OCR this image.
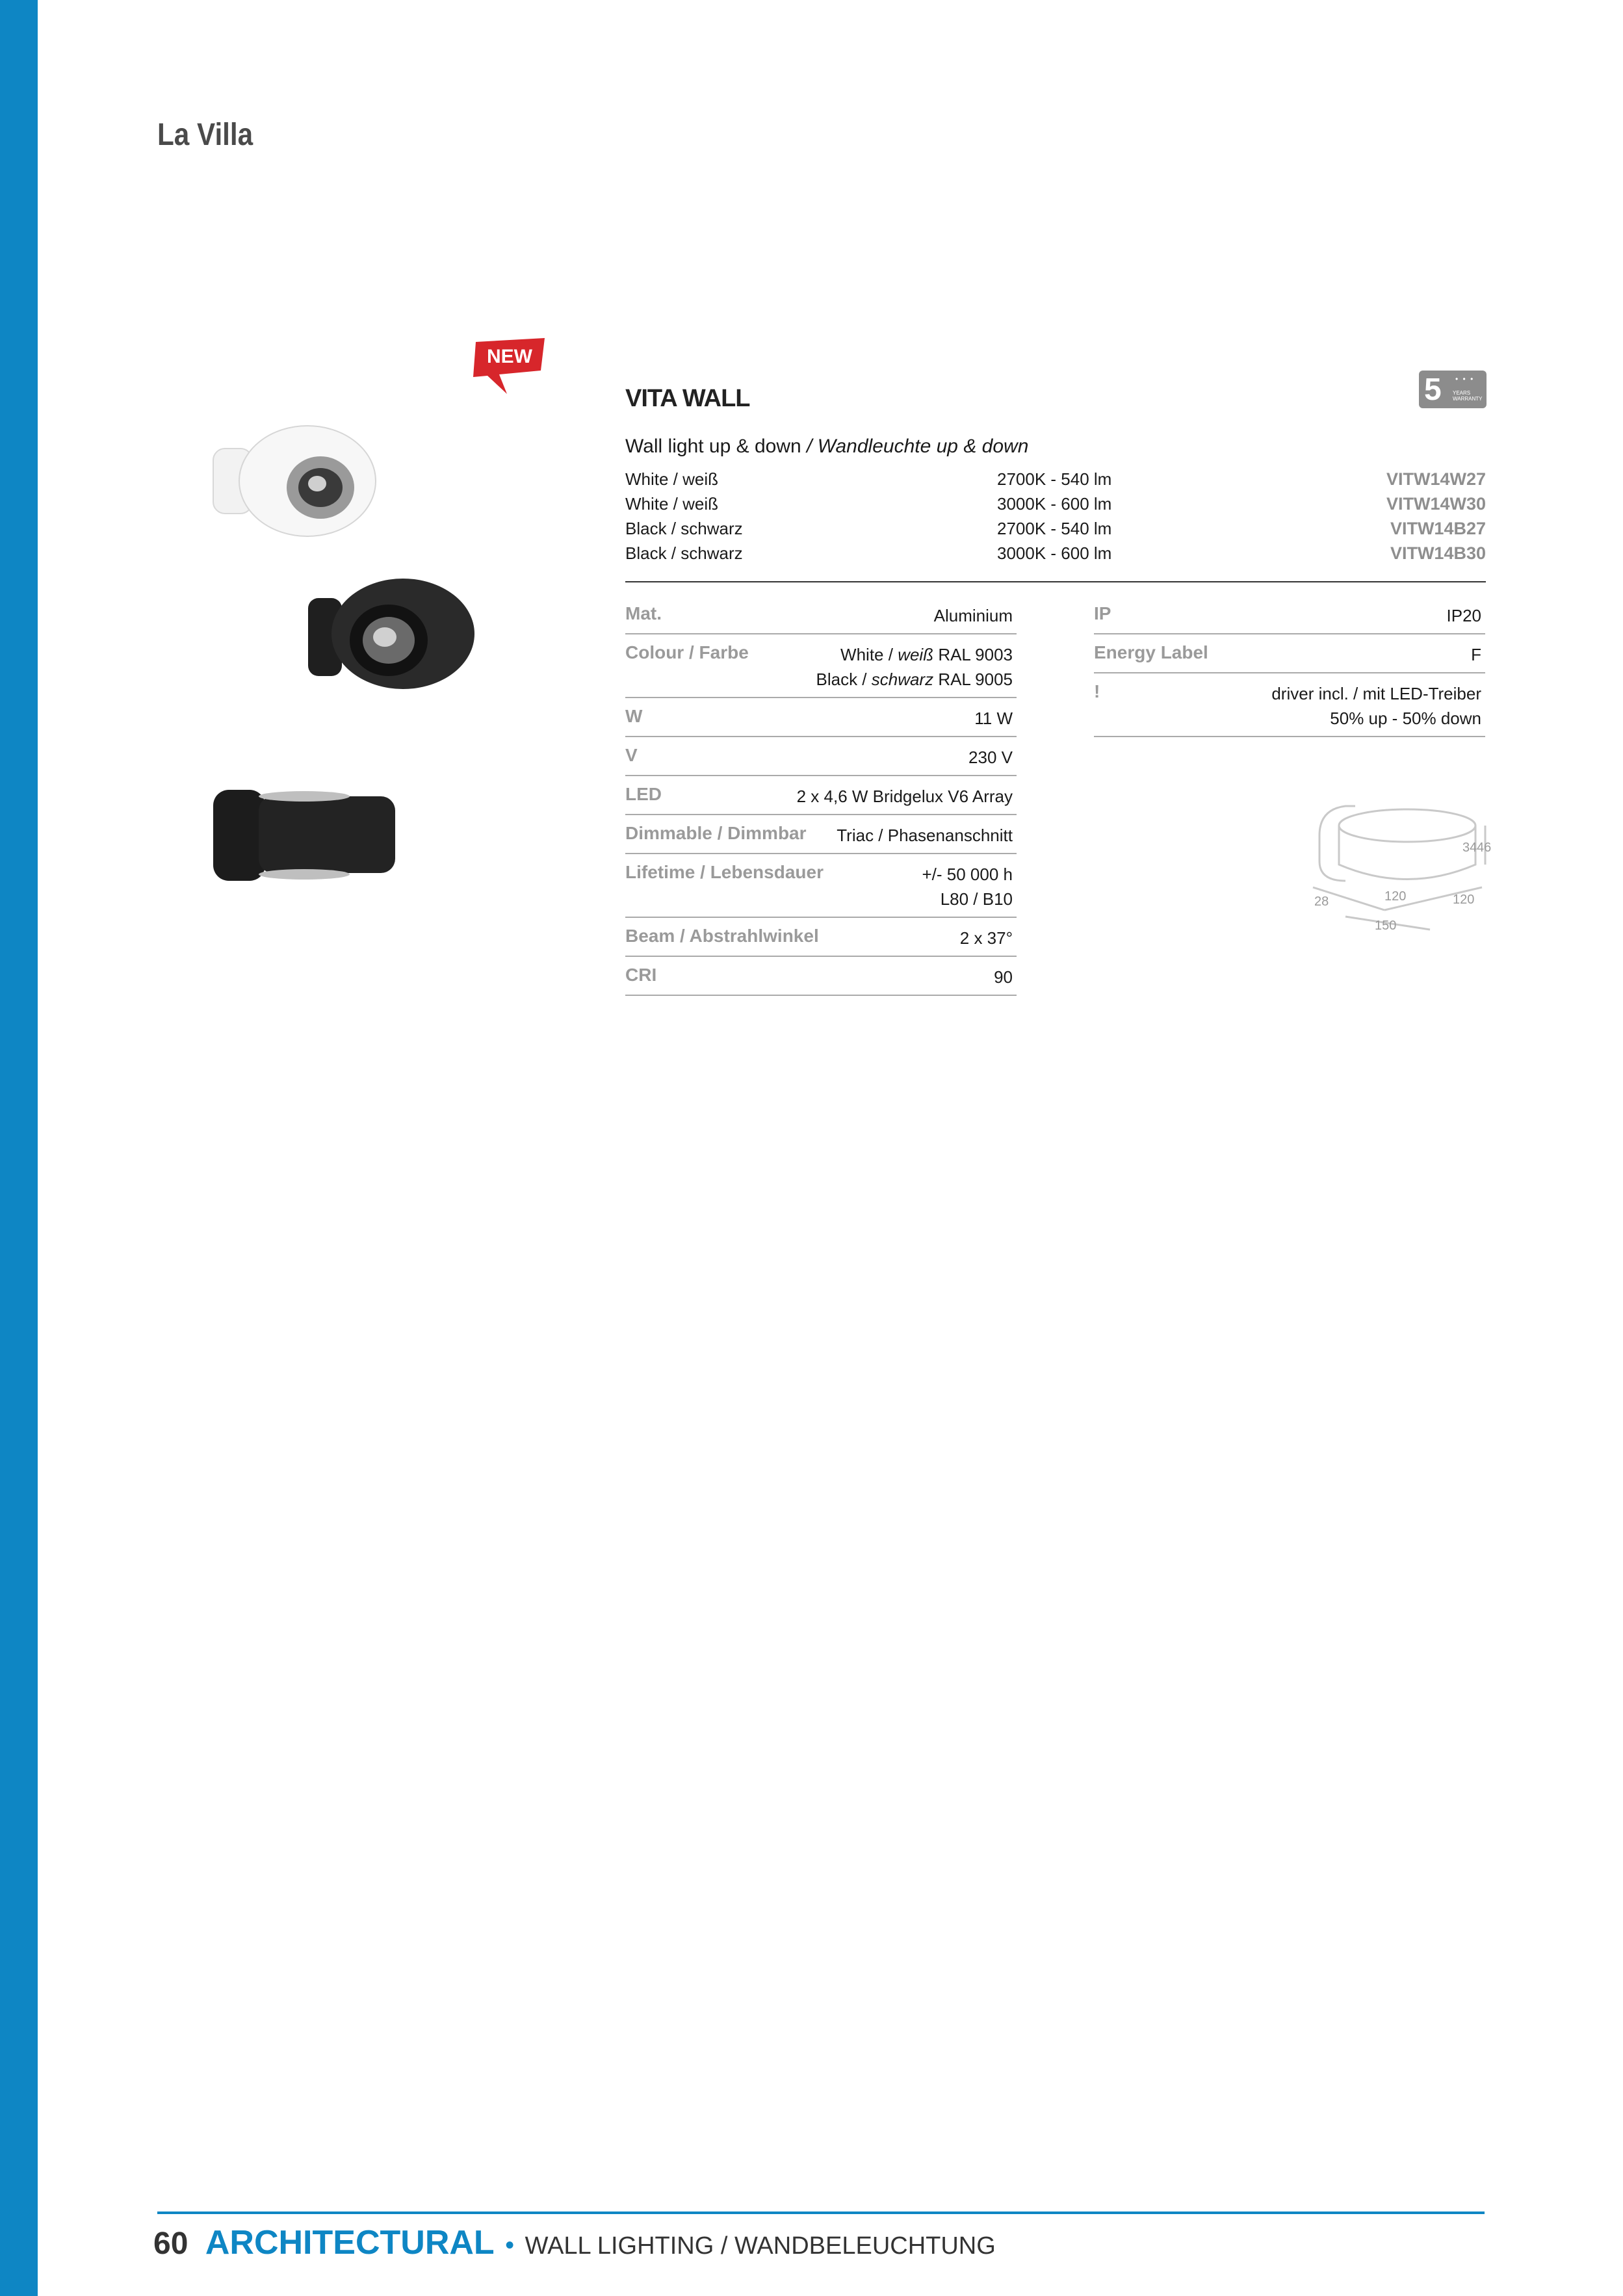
La Villa
NEW
VITA WALL	5 • • •
YEARS WARRANTY
Wall light up & down / Wandleuchte up & down
White / weiß	2700K - 540 lm	VITW14W27
White / weiß	3000K - 600 lm	VITW14W30
Black / schwarz	2700K - 540 lm	VITW14B27
Black / schwarz	3000K - 600 lm	VITW14B30
Mat.	Aluminium
Colour / Farbe	White / weiß RAL 9003
Black / schwarz RAL 9005
W	11 W
V	230 V
LED	2 x 4,6 W Bridgelux V6 Array
Dimmable / Dimmbar	Triac / Phasenanschnitt
Lifetime / Lebensdauer	+/- 50 000 h
L80 / B10
Beam / Abstrahlwinkel	2 x 37°
CRI	90
IP	IP20
Energy Label	F
!	driver incl. / mit LED-Treiber
50% up - 50% down
28	120
150
120
46
34
60 ARCHITECTURAL • WALL LIGHTING / WANDBELEUCHTUNG
